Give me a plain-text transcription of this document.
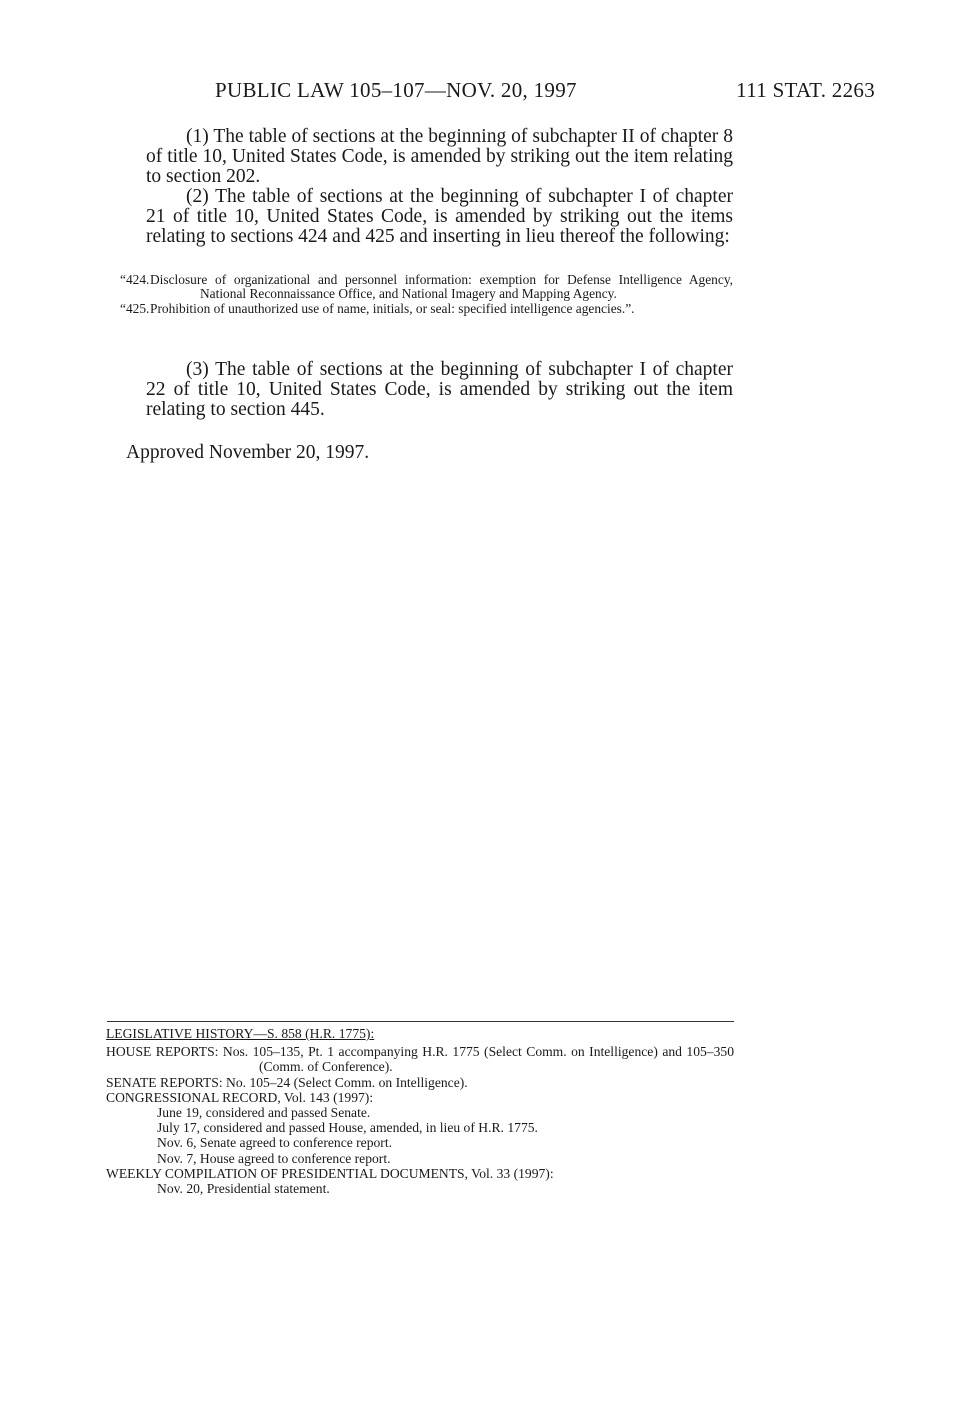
PUBLIC LAW 105–107—NOV. 20, 1997	111 STAT. 2263
(1) The table of sections at the beginning of subchapter II of chapter 8 of title 10, United States Code, is amended by striking out the item relating to section 202.
(2) The table of sections at the beginning of subchapter I of chapter 21 of title 10, United States Code, is amended by striking out the items relating to sections 424 and 425 and inserting in lieu thereof the following:
“424.Disclosure of organizational and personnel information: exemption for Defense Intelligence Agency, National Reconnaissance Office, and National Imagery and Mapping Agency.
“425.Prohibition of unauthorized use of name, initials, or seal: specified intelligence agencies.”.
(3) The table of sections at the beginning of subchapter I of chapter 22 of title 10, United States Code, is amended by striking out the item relating to section 445.
Approved November 20, 1997.
LEGISLATIVE HISTORY—S. 858 (H.R. 1775):
HOUSE REPORTS: Nos. 105–135, Pt. 1 accompanying H.R. 1775 (Select Comm. on Intelligence) and 105–350 (Comm. of Conference).
SENATE REPORTS: No. 105–24 (Select Comm. on Intelligence).
CONGRESSIONAL RECORD, Vol. 143 (1997):
June 19, considered and passed Senate.
July 17, considered and passed House, amended, in lieu of H.R. 1775.
Nov. 6, Senate agreed to conference report.
Nov. 7, House agreed to conference report.
WEEKLY COMPILATION OF PRESIDENTIAL DOCUMENTS, Vol. 33 (1997):
Nov. 20, Presidential statement.
